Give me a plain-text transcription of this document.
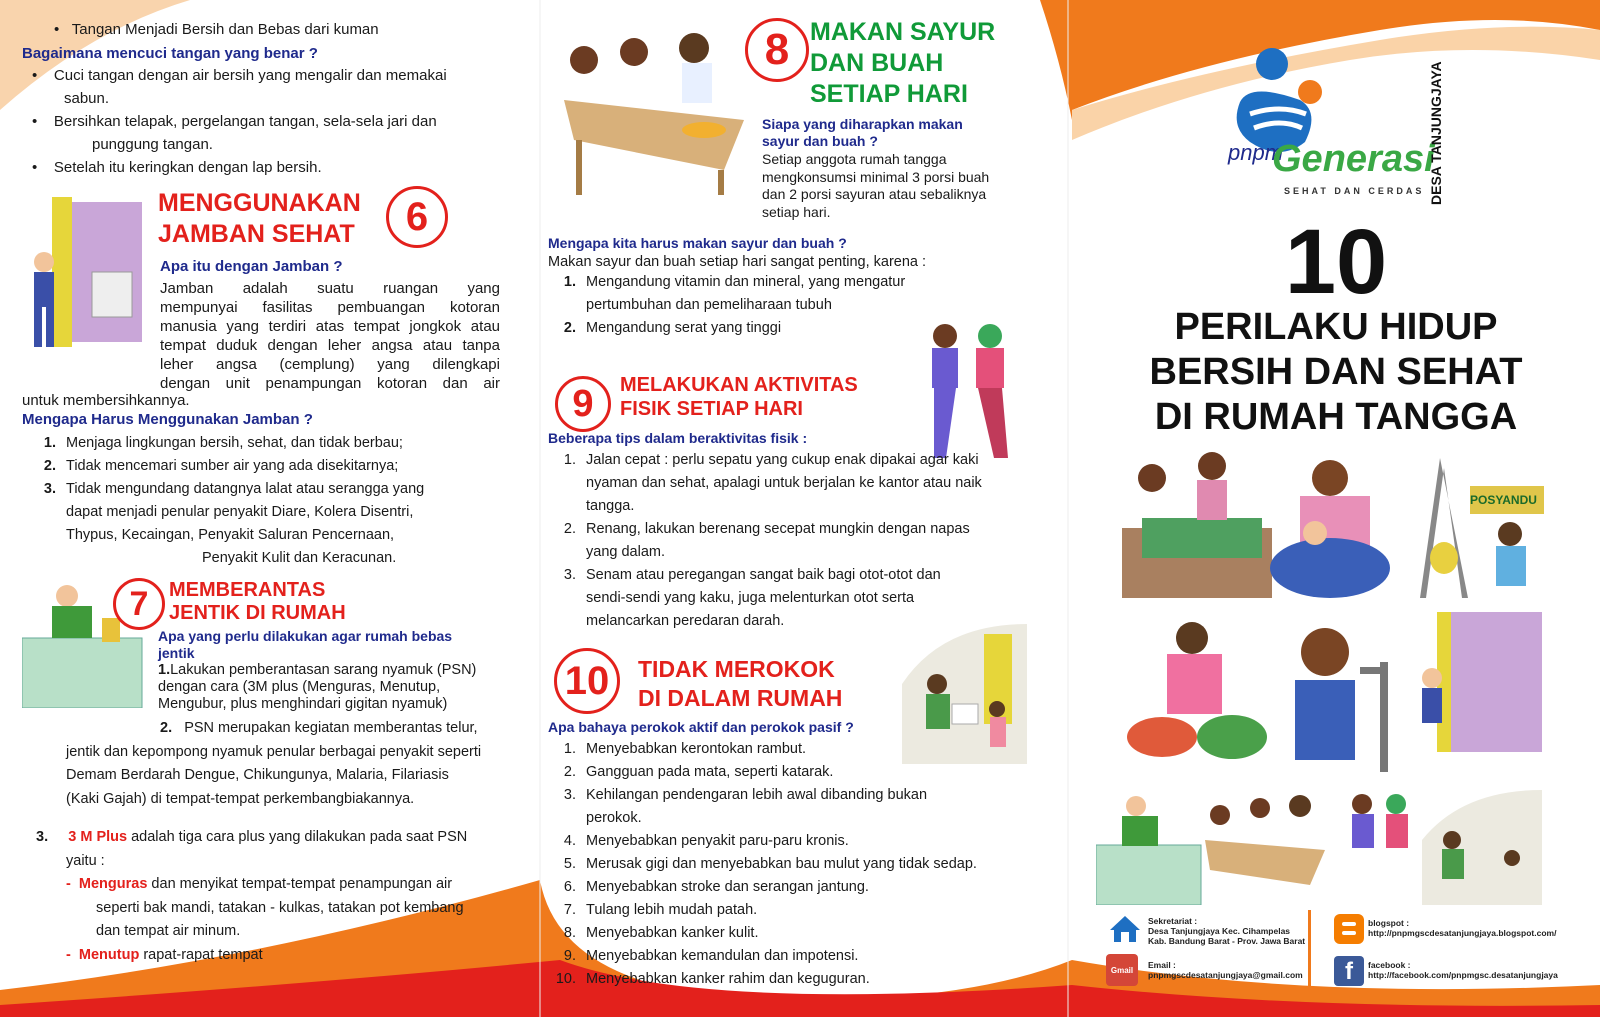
•   Tangan Menjadi Bersih dan Bebas dari kuman
Bagaimana mencuci tangan yang benar ?
•    Cuci tangan dengan air bersih yang mengalir dan memakai
sabun.
•    Bersihkan telapak, pergelangan tangan, sela-sela jari dan
punggung tangan.
•    Setelah itu keringkan dengan lap bersih.
MENGGUNAKAN
JAMBAN SEHAT	6
Apa itu dengan Jamban ?
Jamban adalah suatu ruangan yang
mempunyai fasilitas pembuangan kotoran
manusia yang terdiri atas tempat jongkok atau
tempat duduk dengan leher angsa atau tanpa
leher angsa (cemplung) yang dilengkapi
dengan unit penampungan kotoran dan air
untuk membersihkannya.
Mengapa Harus Menggunakan Jamban ?
1. Menjaga lingkungan bersih, sehat, dan tidak berbau;
2. Tidak mencemari sumber air yang ada disekitarnya;
3. Tidak mengundang datangnya lalat atau serangga yang
dapat menjadi penular penyakit Diare, Kolera Disentri,
Thypus, Kecaingan, Penyakit Saluran Pencernaan,
Penyakit Kulit dan Keracunan.
7	MEMBERANTAS
JENTIK DI RUMAH
Apa yang perlu dilakukan agar rumah bebas
jentik
1.Lakukan pemberantasan sarang nyamuk (PSN)
dengan cara (3M plus (Menguras, Menutup,
Mengubur, plus menghindari gigitan nyamuk)
2. PSN merupakan kegiatan memberantas telur,
jentik dan kepompong nyamuk penular berbagai penyakit seperti
Demam Berdarah Dengue, Chikungunya, Malaria, Filariasis
(Kaki Gajah) di tempat-tempat perkembangbiakannya.
3. 3 M Plus adalah tiga cara plus yang dilakukan pada saat PSN
yaitu :
- Menguras dan menyikat tempat-tempat penampungan air
seperti bak mandi, tatakan - kulkas, tatakan pot kembang
dan tempat air minum.
- Menutup rapat-rapat tempat
8 MAKAN SAYUR
DAN BUAH
SETIAP HARI
Siapa yang diharapkan makan
sayur dan buah ?
Setiap anggota rumah tangga
mengkonsumsi minimal 3 porsi buah
dan 2 porsi sayuran atau sebaliknya
setiap hari.
Mengapa kita harus makan sayur dan buah ?
Makan sayur dan buah setiap hari sangat penting, karena :
1. Mengandung vitamin dan mineral, yang mengatur
pertumbuhan dan pemeliharaan tubuh
2. Mengandung serat yang tinggi
9	MELAKUKAN AKTIVITAS
FISIK SETIAP HARI
Beberapa tips dalam beraktivitas fisik :
1. Jalan cepat : perlu sepatu yang cukup enak dipakai agar kaki
nyaman dan sehat, apalagi untuk berjalan ke kantor atau naik
tangga.
2. Renang, lakukan berenang secepat mungkin dengan napas
yang dalam.
3. Senam atau peregangan sangat baik bagi otot-otot dan
sendi-sendi yang kaku, juga melenturkan otot serta
melancarkan peredaran darah.
10	TIDAK MEROKOK
DI DALAM RUMAH
Apa bahaya perokok aktif dan perokok pasif ?
1. Menyebabkan kerontokan rambut.
2. Gangguan pada mata, seperti katarak.
3. Kehilangan pendengaran lebih awal dibanding bukan
perokok.
4. Menyebabkan penyakit paru-paru kronis.
5. Merusak gigi dan menyebabkan bau mulut yang tidak sedap.
6. Menyebabkan stroke dan serangan jantung.
7. Tulang lebih mudah patah.
8. Menyebabkan kanker kulit.
9. Menyebabkan kemandulan dan impotensi.
10. Menyebabkan kanker rahim dan keguguran.
pnpm
Generasi
SEHAT DAN CERDAS DESA TANJUNGJAYA
10
PERILAKU HIDUP
BERSIH DAN SEHAT
DI RUMAH TANGGA
POSYANDU
Sekretariat :
Desa Tanjungjaya Kec. Cihampelas
Kab. Bandung Barat - Prov. Jawa Barat
Gmail	Email :
pnpmgscdesatanjungjaya@gmail.com
blogspot :
http://pnpmgscdesatanjungjaya.blogspot.com/
f	facebook :
http://facebook.com/pnpmgsc.desatanjungjaya
